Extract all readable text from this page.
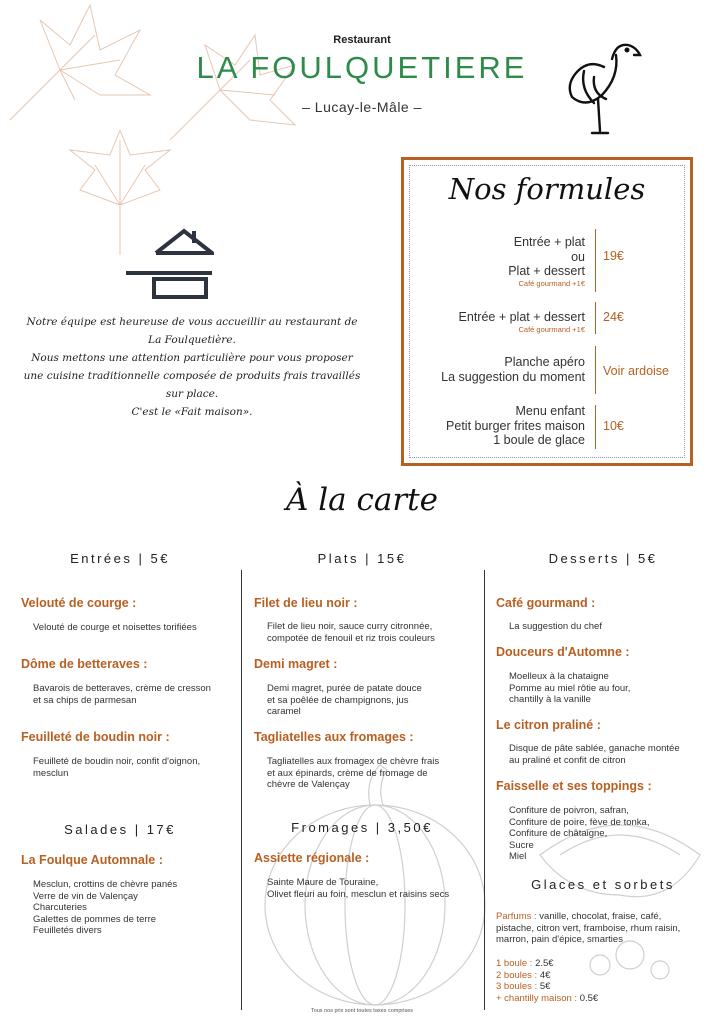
Restaurant
LA FOULQUETIERE
– Lucay-le-Mâle –
Notre équipe est heureuse de vous accueillir au restaurant de La Foulquetière.
Nous mettons une attention particulière pour vous proposer une cuisine traditionnelle composée de produits frais travaillés sur place.
C'est le «Fait maison».
Nos formules
Entrée + plat
ou
Plat + dessert
Café gourmand +1€
19€
Entrée + plat + dessert
Café gourmand +1€
24€
Planche apéro
La suggestion du moment Voir ardoise
Menu enfant
Petit burger frites maison
1 boule de glace
10€
À la carte
Entrées | 5€
Velouté de courge :
Velouté de courge et noisettes torifiées
Dôme de betteraves :
Bavarois de betteraves, crème de cresson
et sa chips de parmesan
Feuilleté de boudin noir :
Feuilleté de boudin noir, confit d'oignon,
mesclun
Salades | 17€
La Foulque Automnale :
Mesclun, crottins de chèvre panés
Verre de vin de Valençay
Charcuteries
Galettes de pommes de terre
Feuilletés divers
Plats | 15€
Filet de lieu noir :
Filet de lieu noir, sauce curry citronnée,
compotée de fenouil et riz trois couleurs
Demi magret :
Demi magret, purée de patate douce
et sa poêlée de champignons, jus
caramel
Tagliatelles aux fromages :
Tagliatelles aux fromagex de chèvre frais
et aux épinards, crème de fromage de
chèvre de Valençay
Fromages | 3,50€
Assiette régionale :
Sainte Maure de Touraine,
Olivet fleuri au foin, mesclun et raisins secs
Desserts | 5€
Café gourmand :
La suggestion du chef
Douceurs d'Automne :
Moelleux à la chataigne
Pomme au miel rôtie au four,
chantilly à la vanille
Le citron praliné :
Disque de pâte sablée, ganache montée
au praliné et confit de citron
Faisselle et ses toppings :
Confiture de poivron, safran,
Confiture de poire, fève de tonka,
Confiture de châtaigne,
Sucre
Miel
Glaces et sorbets
Parfums : vanille, chocolat, fraise, café,
pistache, citron vert, framboise, rhum raisin,
marron, pain d'épice, smarties
1 boule : 2.5€
2 boules : 4€
3 boules : 5€
+ chantilly maison : 0.5€
Tous nos prix sont toutes taxes comprises
